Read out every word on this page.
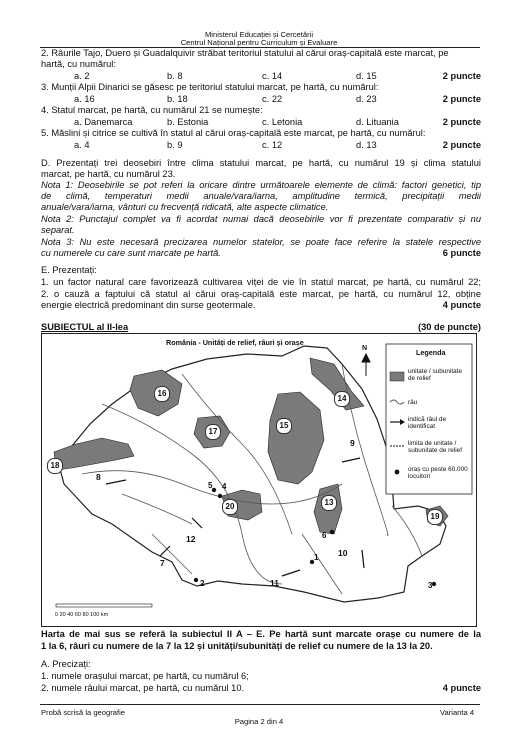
Ministerul Educației și Cercetării
Centrul Național pentru Curriculum și Evaluare
2. Râurile Tajo, Duero și Guadalquivir străbat teritoriul statului al cărui oraș-capitală este marcat, pe
hartă, cu numărul:
a. 2	b. 8	c. 14	d. 15	2 puncte
3. Munții Alpii Dinarici se găsesc pe teritoriul statului marcat, pe hartă, cu numărul:
a. 16	b. 18	c. 22	d. 23	2 puncte
4. Statul marcat, pe hartă, cu numărul 21 se numește:
a. Danemarca	b. Estonia	c. Letonia	d. Lituania	2 puncte
5. Măslini și citrice se cultivă în statul al cărui oraș-capitală este marcat, pe hartă, cu numărul:
a. 4	b. 9	c. 12	d. 13	2 puncte
D. Prezentați trei deosebiri între clima statului marcat, pe hartă, cu numărul 19 și clima statului
marcat, pe hartă, cu numărul 23.
Nota 1: Deosebirile se pot referi la oricare dintre următoarele elemente de climă: factori genetici, tip
de climă, temperaturi medii anuale/vara/iarna, amplitudine termică, precipitații medii
anuale/vara/iarna, vânturi cu frecvență ridicată, alte aspecte climatice.
Nota 2: Punctajul complet va fi acordat numai dacă deosebirile vor fi prezentate comparativ și nu
separat.
Nota 3: Nu este necesară precizarea numelor statelor, se poate face referire la statele respective
cu numerele cu care sunt marcate pe hartă.	6 puncte
E. Prezentați:
1. un factor natural care favorizează cultivarea viței de vie în statul marcat, pe hartă, cu numărul 22;
2. o cauză a faptului că statul al cărui oraș-capitală este marcat, pe hartă, cu numărul 12, obține
energie electrică predominant din surse geotermale.	4 puncte
SUBIECTUL al II-lea	(30 de puncte)
România - Unități de relief, râuri și orașe
N	Legenda
unitate / subunitate de relief
râu
indică râul de identificat
limita de unitate / subunitate de relief
oraș cu peste 60.000 locuitori
0 20 40 60 80 100 km
13
14
15
16
17
18
19
20
7
8
9
10
11
12
1
2	3
4
5
6
Harta de mai sus se referă la subiectul II A – E. Pe hartă sunt marcate orașe cu numere de la
1 la 6, râuri cu numere de la 7 la 12 și unități/subunități de relief cu numere de la 13 la 20.
A. Precizați:
1. numele orașului marcat, pe hartă, cu numărul 6;
2. numele râului marcat, pe hartă, cu numărul 10.	4 puncte
Probă scrisă la geografie	Varianta 4
Pagina 2 din 4
